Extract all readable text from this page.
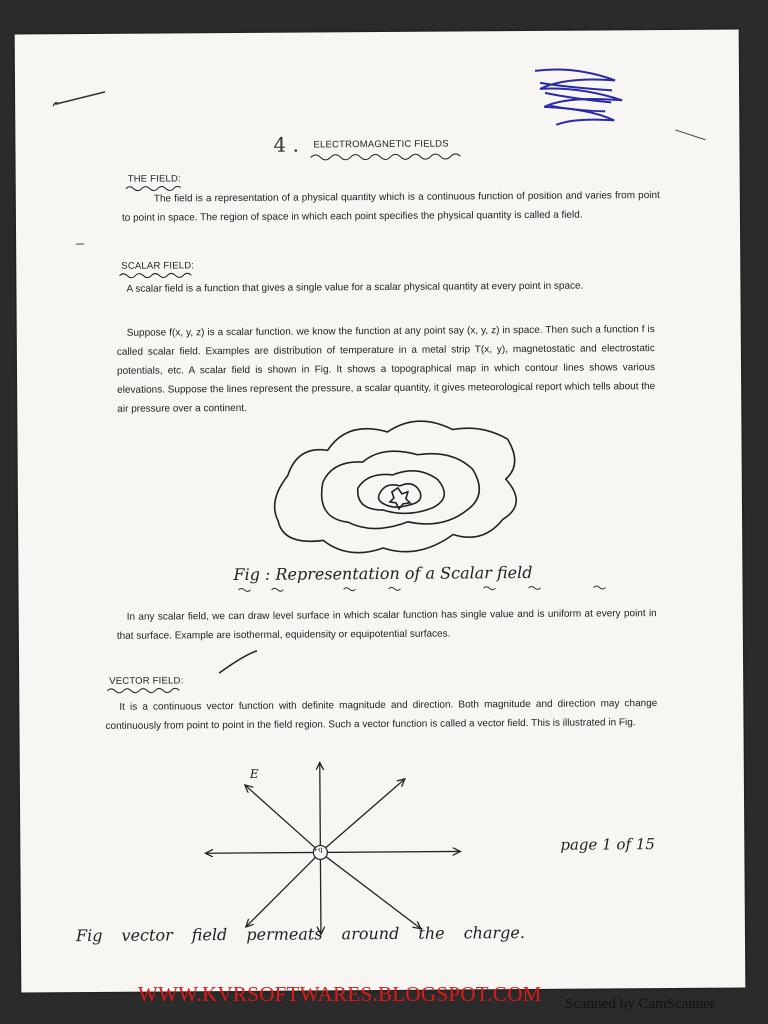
4 . ELECTROMAGNETIC FIELDS
THE FIELD:
The field is a representation of a physical quantity which is a continuous function of position and varies from point to point in space. The region of space in which each point specifies the physical quantity is called a field.
SCALAR FIELD:
A scalar field is a function that gives a single value for a scalar physical quantity at every point in space.
Suppose f(x, y, z) is a scalar function. we know the function at any point say (x, y, z) in space. Then such a function f is called scalar field. Examples are distribution of temperature in a metal strip T(x, y), magnetostatic and electrostatic potentials, etc. A scalar field is shown in Fig. It shows a topographical map in which contour lines shows various elevations. Suppose the lines represent the pressure, a scalar quantity, it gives meteorological report which tells about the air pressure over a continent.
Fig : Representation of a Scalar field
In any scalar field, we can draw level surface in which scalar function has single value and is uniform at every point in that surface. Example are isothermal, equidensity or equipotential surfaces.
VECTOR FIELD:
It is a continuous vector function with definite magnitude and direction. Both magnitude and direction may change continuously from point to point in the field region. Such a vector function is called a vector field. This is illustrated in Fig.
E
+q	page 1 of 15
Fig vector field permeats around the charge.
WWW.KVRSOFTWARES.BLOGSPOT.COM Scanned by CamScanner
